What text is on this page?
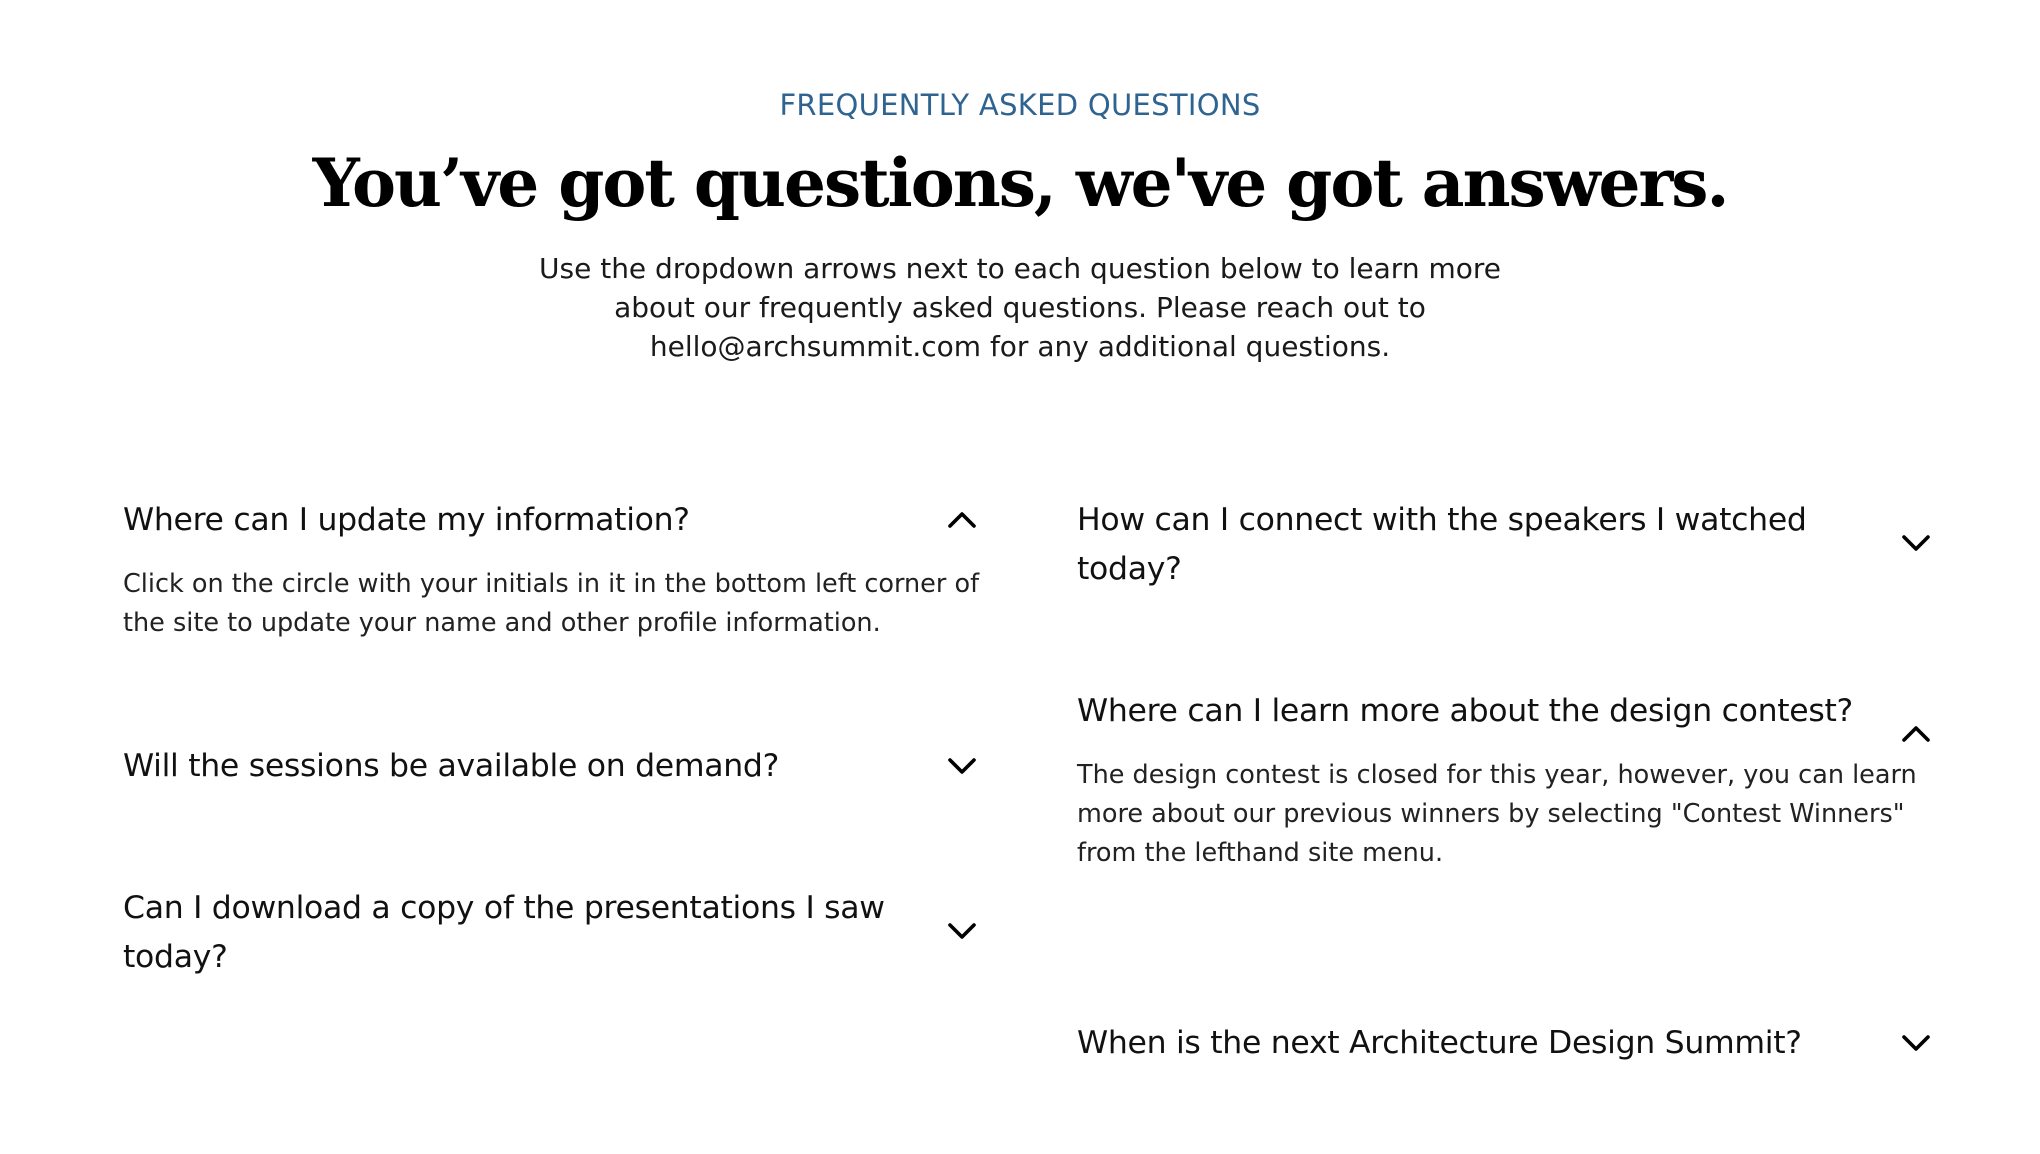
FREQUENTLY ASKED QUESTIONS
You’ve got questions, we've got answers.

Use the dropdown arrows next to each question below to learn more about our frequently asked questions. Please reach out to hello@archsummit.com for any additional questions.

Where can I update my information?
Click on the circle with your initials in it in the bottom left corner of the site to update your name and other profile information.
Will the sessions be available on demand?
Can I download a copy of the presentations I saw today?
How can I connect with the speakers I watched today?
Where can I learn more about the design contest?
The design contest is closed for this year, however, you can learn more about our previous winners by selecting "Contest Winners" from the lefthand site menu.
When is the next Architecture Design Summit?
